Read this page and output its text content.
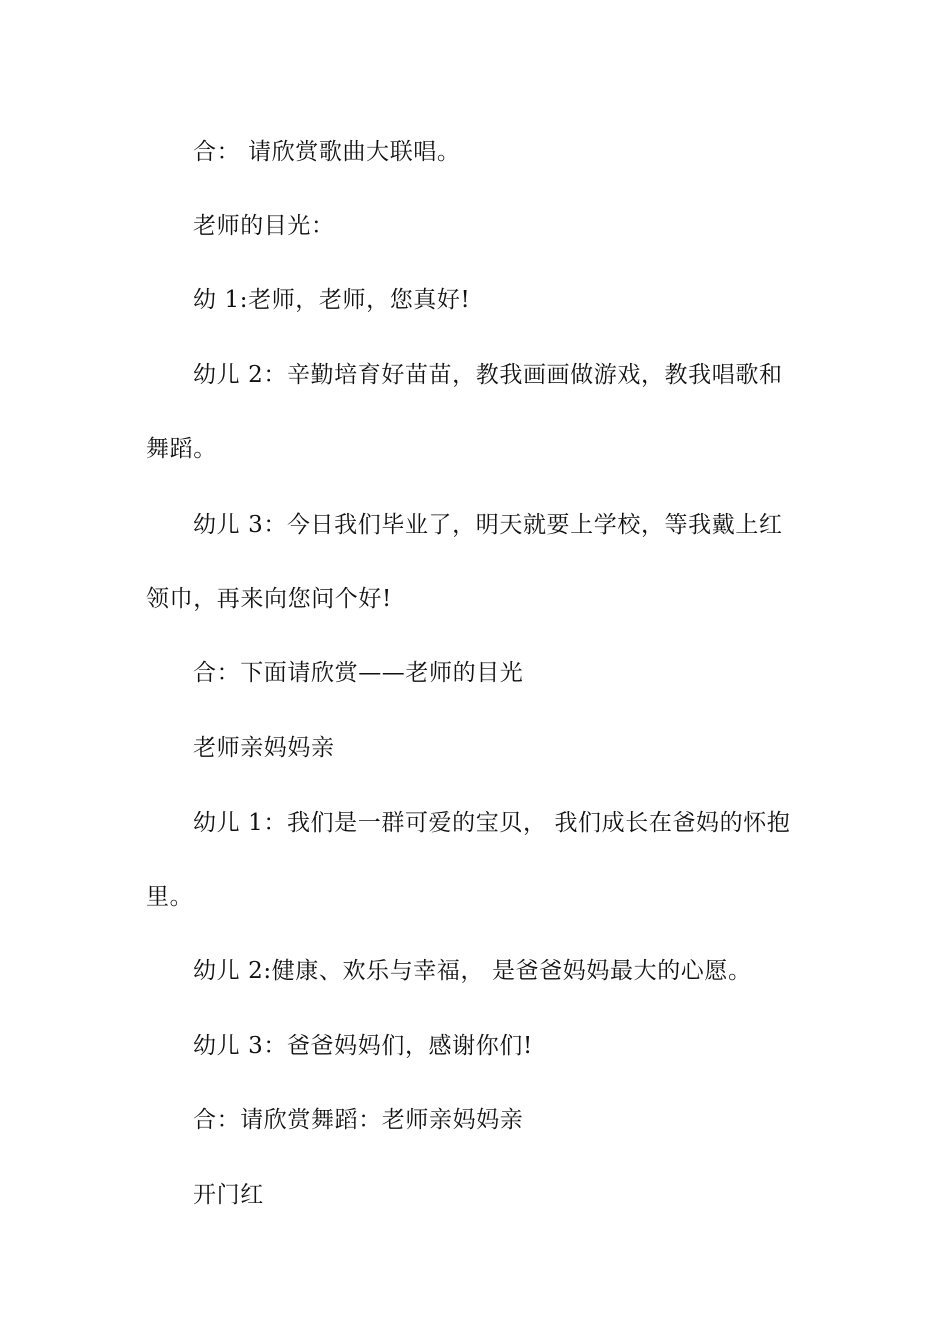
合： 请欣赏歌曲大联唱。
老师的目光：
幼 1:老师，老师，您真好!
幼儿 2：辛勤培育好苗苗，教我画画做游戏，教我唱歌和
舞蹈。
幼儿 3：今日我们毕业了，明天就要上学校，等我戴上红
领巾，再来向您问个好!
合：下面请欣赏——老师的目光
老师亲妈妈亲
幼儿 1：我们是一群可爱的宝贝， 我们成长在爸妈的怀抱
里。
幼儿 2:健康、欢乐与幸福， 是爸爸妈妈最大的心愿。
幼儿 3：爸爸妈妈们，感谢你们!
合：请欣赏舞蹈：老师亲妈妈亲
开门红
